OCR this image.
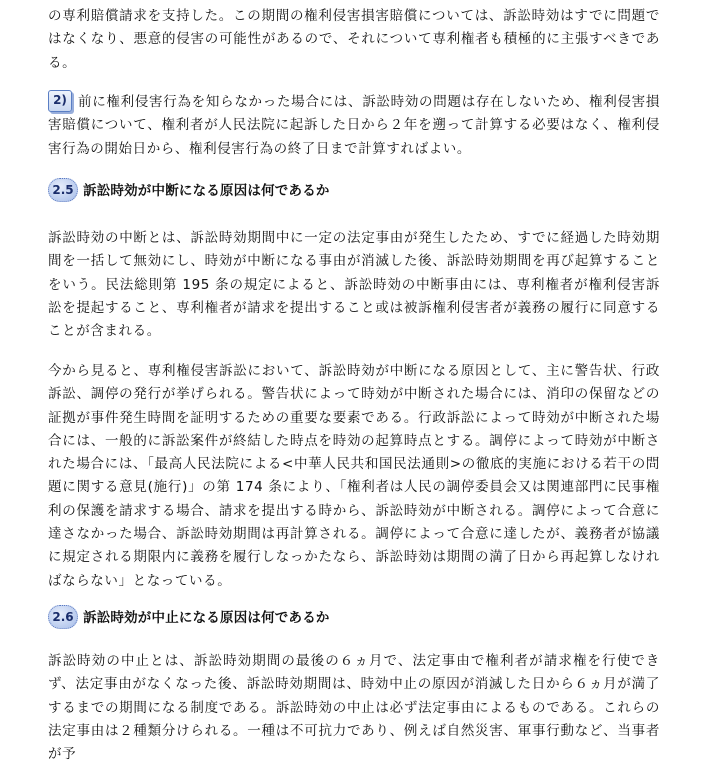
の専利賠償請求を支持した。この期間の権利侵害損害賠償については、訴訟時効はすでに問題ではなくなり、悪意的侵害の可能性があるので、それについて専利権者も積極的に主張すべきである。

2) 前に権利侵害行為を知らなかった場合には、訴訟時効の問題は存在しないため、権利侵害損害賠償について、権利者が人民法院に起訴した日から２年を遡って計算する必要はなく、権利侵害行為の開始日から、権利侵害行為の終了日まで計算すればよい。

2.5 訴訟時効が中断になる原因は何であるか

訴訟時効の中断とは、訴訟時効期間中に一定の法定事由が発生したため、すでに経過した時効期間を一括して無効にし、時効が中断になる事由が消滅した後、訴訟時効期間を再び起算することをいう。民法総則第 195 条の規定によると、訴訟時効の中断事由には、専利権者が権利侵害訴訟を提起すること、専利権者が請求を提出すること或は被訴権利侵害者が義務の履行に同意することが含まれる。

今から見ると、専利権侵害訴訟において、訴訟時効が中断になる原因として、主に警告状、行政訴訟、調停の発行が挙げられる。警告状によって時効が中断された場合には、消印の保留などの証拠が事件発生時間を証明するための重要な要素である。行政訴訟によって時効が中断された場合には、一般的に訴訟案件が終結した時点を時効の起算時点とする。調停によって時効が中断された場合には、「最高人民法院による<中華人民共和国民法通則>の徹底的実施における若干の問題に関する意見(施行)」の第 174 条により、「権利者は人民の調停委員会又は関連部門に民事権利の保護を請求する場合、請求を提出する時から、訴訟時効が中断される。調停によって合意に達さなかった場合、訴訟時効期間は再計算される。調停によって合意に達したが、義務者が協議に規定される期限内に義務を履行しなっかたなら、訴訟時効は期間の満了日から再起算しなければならない」となっている。

2.6 訴訟時効が中止になる原因は何であるか

訴訟時効の中止とは、訴訟時効期間の最後の６ヵ月で、法定事由で権利者が請求権を行使できず、法定事由がなくなった後、訴訟時効期間は、時効中止の原因が消滅した日から６ヵ月が満了するまでの期間になる制度である。訴訟時効の中止は必ず法定事由によるものである。これらの法定事由は２種類分けられる。一種は不可抗力であり、例えば自然災害、軍事行動など、当事者が予
